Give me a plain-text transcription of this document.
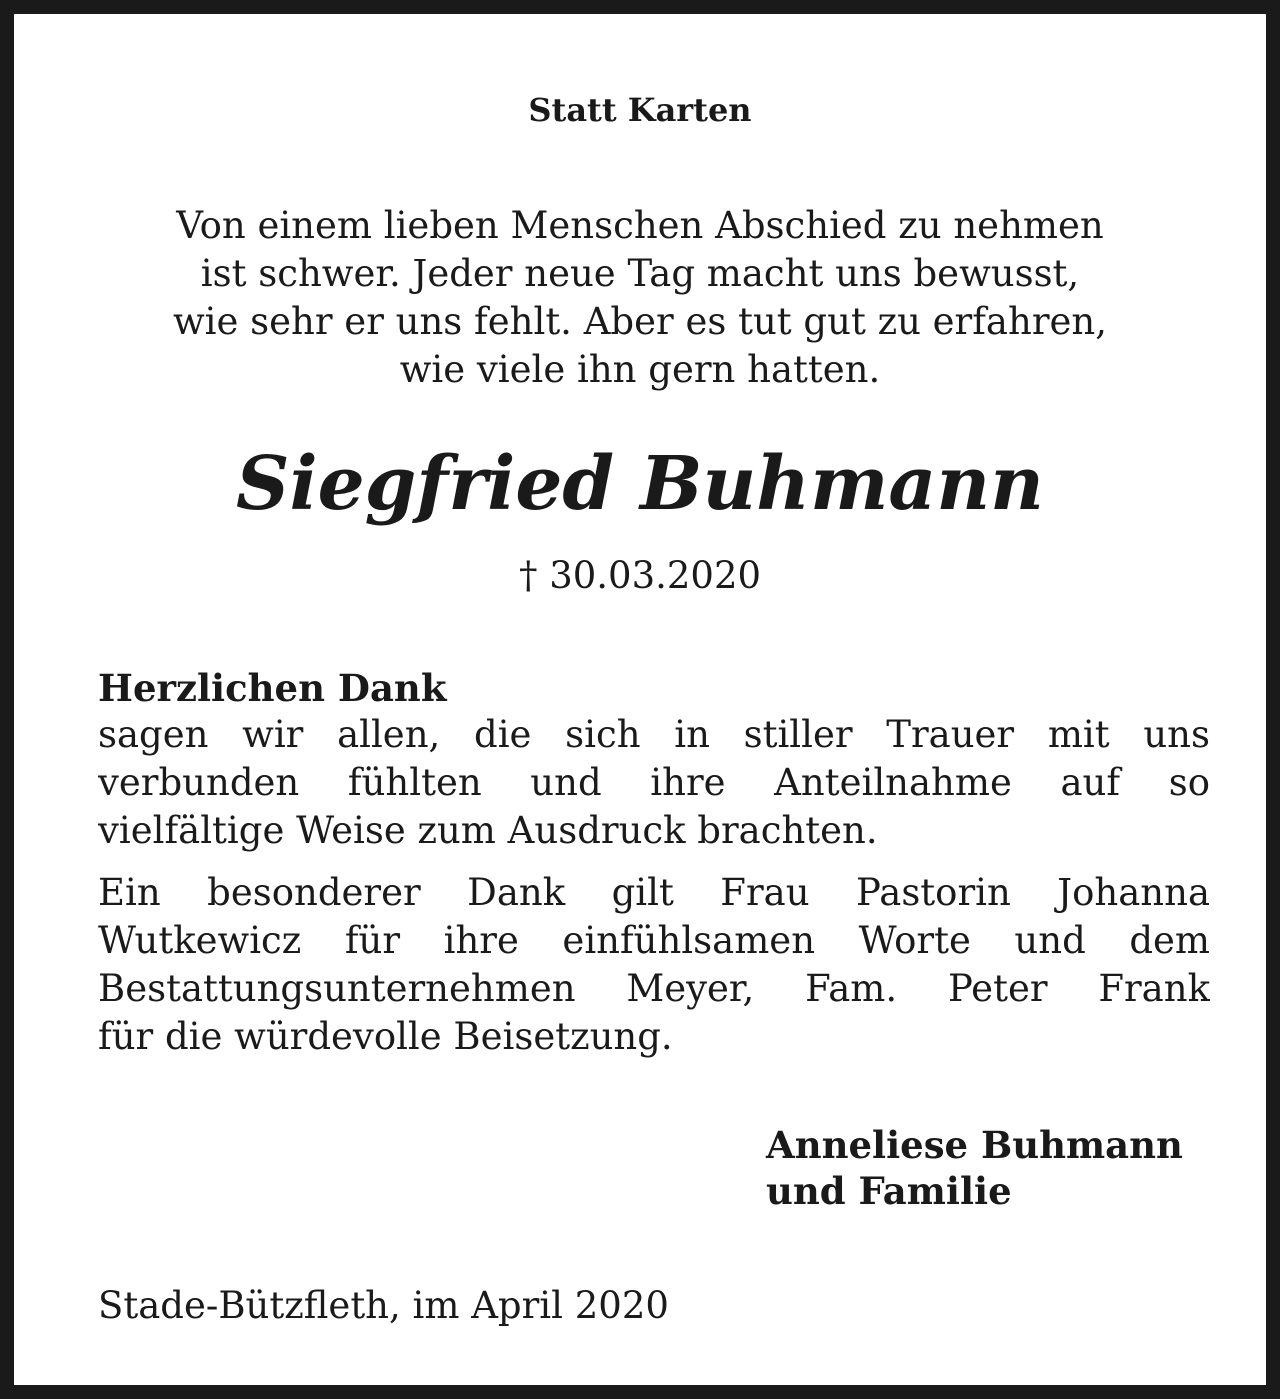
Statt Karten
Von einem lieben Menschen Abschied zu nehmen
ist schwer. Jeder neue Tag macht uns bewusst,
wie sehr er uns fehlt. Aber es tut gut zu erfahren,
wie viele ihn gern hatten.
Siegfried Buhmann
† 30.03.2020
Herzlichen Dank
sagen wir allen, die sich in stiller Trauer mit uns
verbunden fühlten und ihre Anteilnahme auf so
vielfältige Weise zum Ausdruck brachten.
Ein besonderer Dank gilt Frau Pastorin Johanna
Wutkewicz für ihre einfühlsamen Worte und dem
Bestattungsunternehmen Meyer, Fam. Peter Frank
für die würdevolle Beisetzung.
Anneliese Buhmann
und Familie
Stade-Bützfleth, im April 2020
